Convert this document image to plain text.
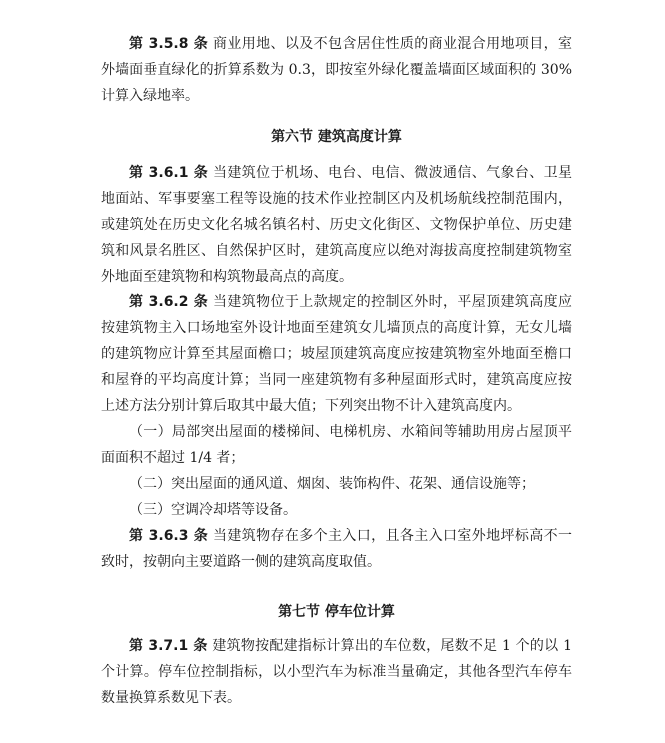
第 3.5.8 条 商业用地、以及不包含居住性质的商业混合用地项目，室外墙面垂直绿化的折算系数为 0.3，即按室外绿化覆盖墙面区域面积的 30%计算入绿地率。

第六节 建筑高度计算

第 3.6.1 条 当建筑位于机场、电台、电信、微波通信、气象台、卫星地面站、军事要塞工程等设施的技术作业控制区内及机场航线控制范围内，或建筑处在历史文化名城名镇名村、历史文化街区、文物保护单位、历史建筑和风景名胜区、自然保护区时，建筑高度应以绝对海拔高度控制建筑物室外地面至建筑物和构筑物最高点的高度。

第 3.6.2 条 当建筑物位于上款规定的控制区外时，平屋顶建筑高度应按建筑物主入口场地室外设计地面至建筑女儿墙顶点的高度计算，无女儿墙的建筑物应计算至其屋面檐口；坡屋顶建筑高度应按建筑物室外地面至檐口和屋脊的平均高度计算；当同一座建筑物有多种屋面形式时，建筑高度应按上述方法分别计算后取其中最大值；下列突出物不计入建筑高度内。

（一）局部突出屋面的楼梯间、电梯机房、水箱间等辅助用房占屋顶平面面积不超过 1/4 者；

（二）突出屋面的通风道、烟囱、装饰构件、花架、通信设施等；

（三）空调冷却塔等设备。

第 3.6.3 条 当建筑物存在多个主入口，且各主入口室外地坪标高不一致时，按朝向主要道路一侧的建筑高度取值。

第七节 停车位计算

第 3.7.1 条 建筑物按配建指标计算出的车位数，尾数不足 1 个的以 1 个计算。停车位控制指标，以小型汽车为标准当量确定，其他各型汽车停车数量换算系数见下表。
